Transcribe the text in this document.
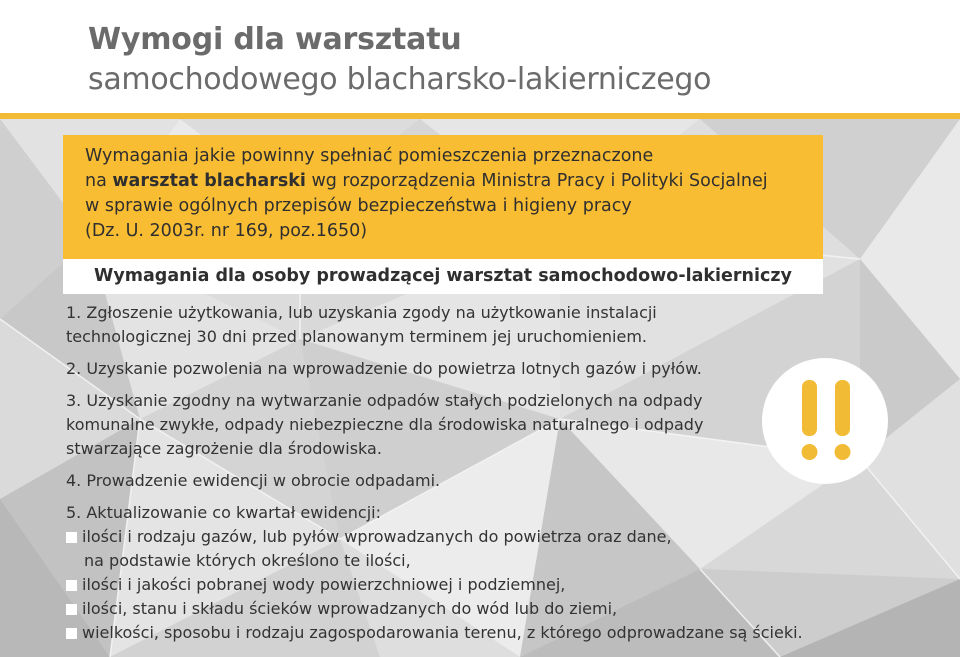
Wymogi dla warsztatu
samochodowego blacharsko-lakierniczego
Wymagania jakie powinny spełniać pomieszczenia przeznaczone
na warsztat blacharski wg rozporządzenia Ministra Pracy i Polityki Socjalnej
w sprawie ogólnych przepisów bezpieczeństwa i higieny pracy
(Dz. U. 2003r. nr 169, poz.1650)
Wymagania dla osoby prowadzącej warsztat samochodowo-lakierniczy
1. Zgłoszenie użytkowania, lub uzyskania zgody na użytkowanie instalacji
technologicznej 30 dni przed planowanym terminem jej uruchomieniem.
2. Uzyskanie pozwolenia na wprowadzenie do powietrza lotnych gazów i pyłów.
3. Uzyskanie zgodny na wytwarzanie odpadów stałych podzielonych na odpady
komunalne zwykłe, odpady niebezpieczne dla środowiska naturalnego i odpady
stwarzające zagrożenie dla środowiska.
4. Prowadzenie ewidencji w obrocie odpadami.
5. Aktualizowanie co kwartał ewidencji:
ilości i rodzaju gazów, lub pyłów wprowadzanych do powietrza oraz dane,
na podstawie których określono te ilości,
ilości i jakości pobranej wody powierzchniowej i podziemnej,
ilości, stanu i składu ścieków wprowadzanych do wód lub do ziemi,
wielkości, sposobu i rodzaju zagospodarowania terenu, z którego odprowadzane są ścieki.
